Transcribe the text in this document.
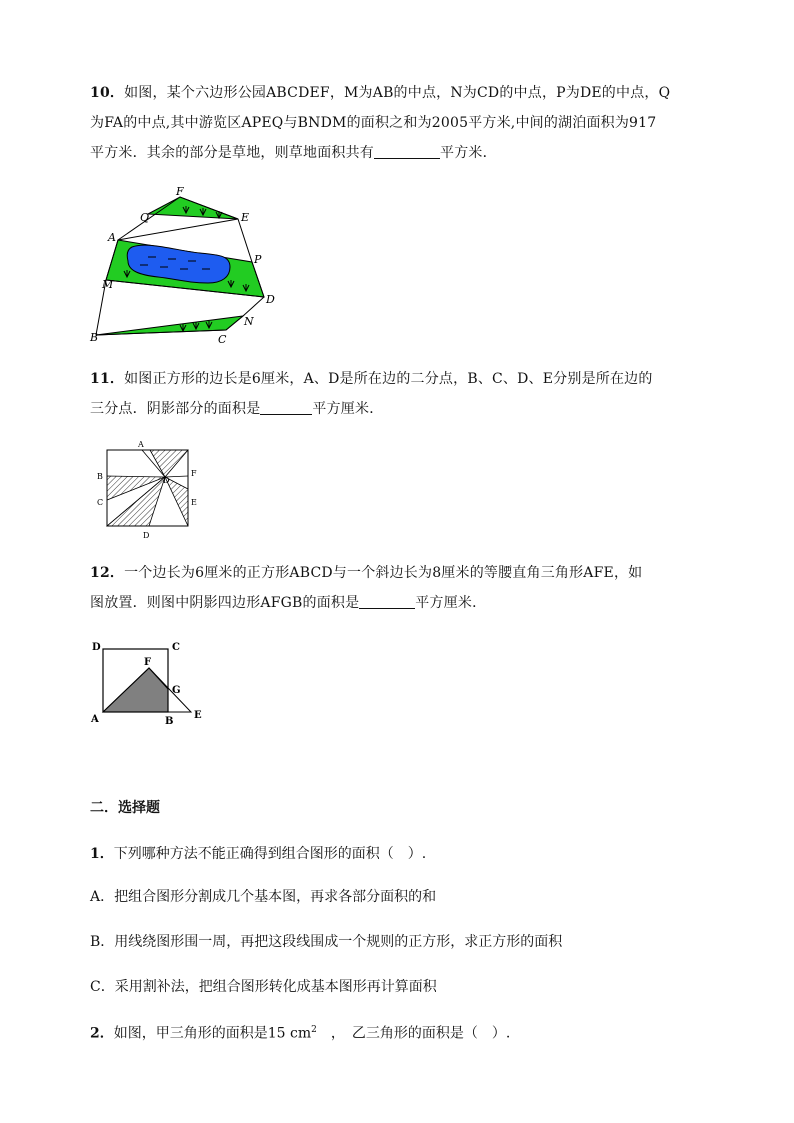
10．如图，某个六边形公园ABCDEF，M为AB的中点，N为CD的中点，P为DE的中点，Q
为FA的中点,其中游览区APEQ与BNDM的面积之和为2005平方米,中间的湖泊面积为917
平方米．其余的部分是草地，则草地面积共有	平方米．
F
Q	E
A
P
M
D
N
B	C
11．如图正方形的边长是6厘米，A、D是所在边的二分点，B、C、D、E分别是所在边的
三分点．阴影部分的面积是	平方厘米．
A
B
C
D
E
F
D
12．一个边长为6厘米的正方形ABCD与一个斜边长为8厘米的等腰直角三角形AFE，如
图放置．则图中阴影四边形AFGB的面积是	平方厘米．
D	C
F
G
A	B
E
二．选择题
1．下列哪种方法不能正确得到组合图形的面积（　）.
A．把组合图形分割成几个基本图，再求各部分面积的和
B．用线绕图形围一周，再把这段线围成一个规则的正方形，求正方形的面积
C．采用割补法，把组合图形转化成基本图形再计算面积
2．如图，甲三角形的面积是15 $cm^2$　，　乙三角形的面积是（　）.
